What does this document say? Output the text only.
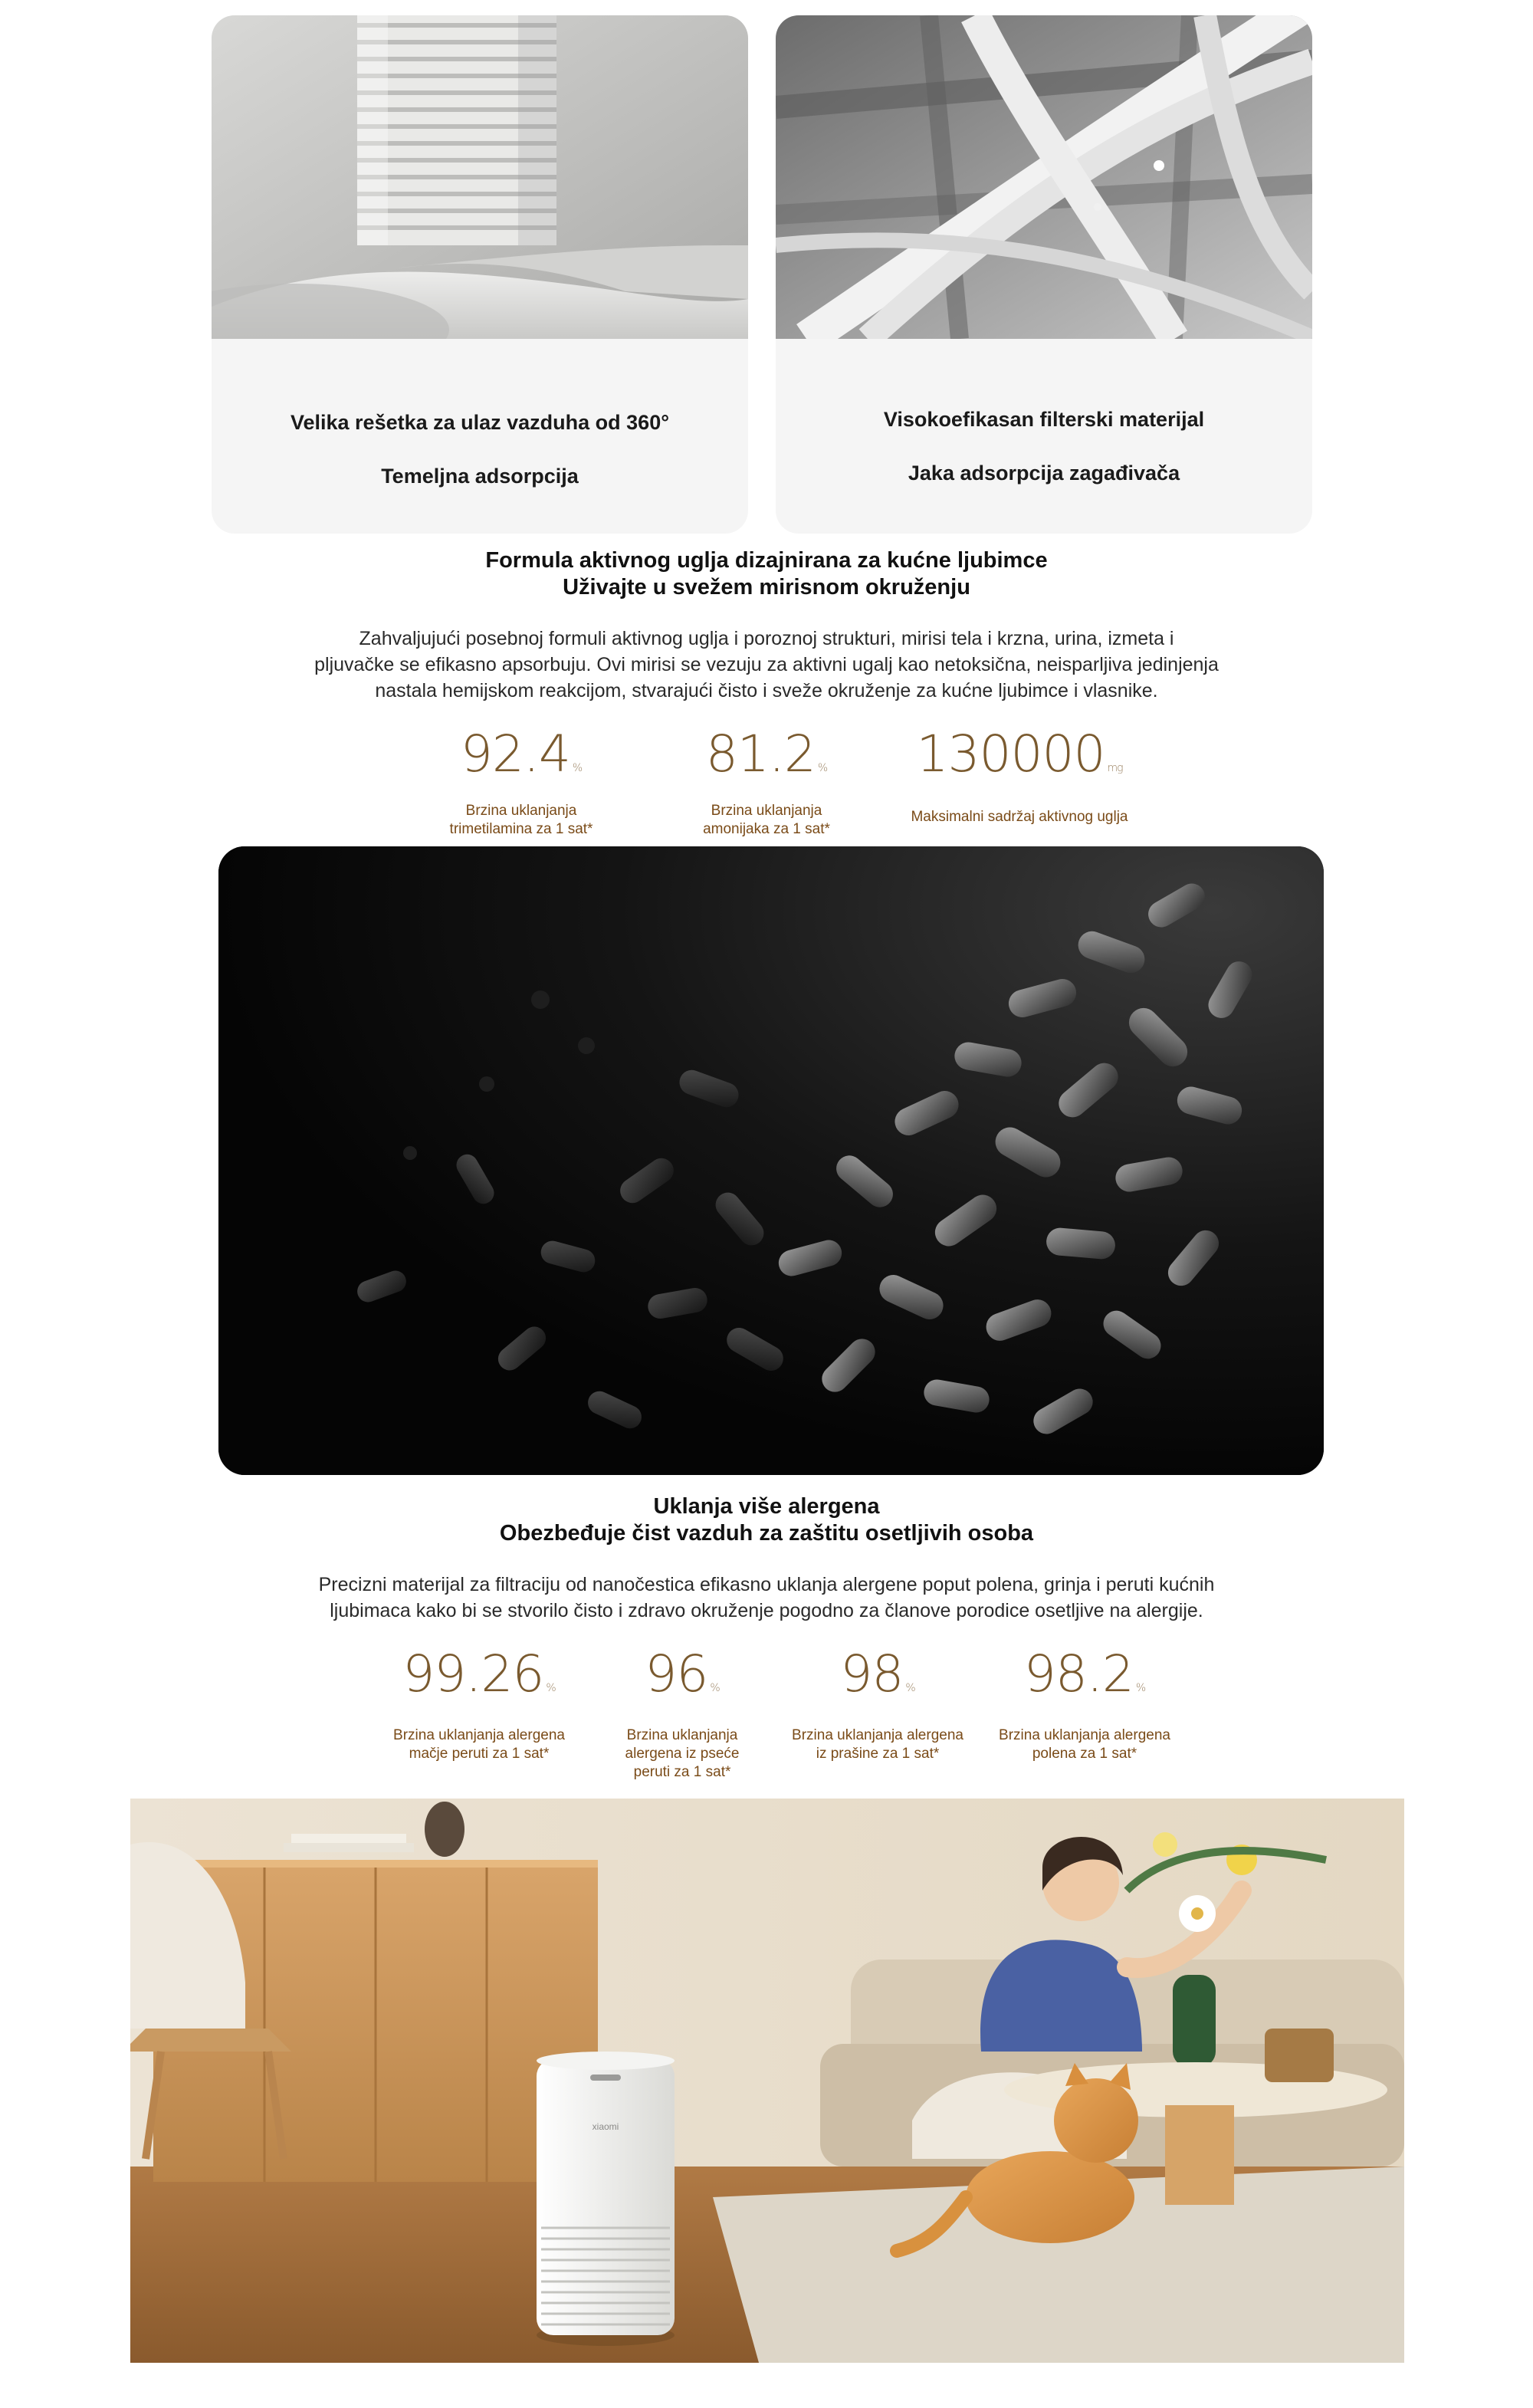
Velika rešetka za ulaz vazduha od 360°
Temeljna adsorpcija
Visokoefikasan filterski materijal
Jaka adsorpcija zagađivača
Formula aktivnog uglja dizajnirana za kućne ljubimce
Uživajte u svežem mirisnom okruženju
Zahvaljujući posebnoj formuli aktivnog uglja i poroznoj strukturi, mirisi tela i krzna, urina, izmeta i
pljuvačke se efikasno apsorbuju. Ovi mirisi se vezuju za aktivni ugalj kao netoksična, neisparljiva jedinjenja
nastala hemijskom reakcijom, stvarajući čisto i sveže okruženje za kućne ljubimce i vlasnike.
92.4 %
Brzina uklanjanja
trimetilamina za 1 sat*
81.2 %
Brzina uklanjanja
amonijaka za 1 sat*
130000 mg
Maksimalni sadržaj aktivnog uglja
Uklanja više alergena
Obezbeđuje čist vazduh za zaštitu osetljivih osoba
Precizni materijal za filtraciju od nanočestica efikasno uklanja alergene poput polena, grinja i peruti kućnih
ljubimaca kako bi se stvorilo čisto i zdravo okruženje pogodno za članove porodice osetljive na alergije.
99.26 %
Brzina uklanjanja alergena
mačje peruti za 1 sat*
96 %
Brzina uklanjanja
alergena iz pseće
peruti za 1 sat*
98 %
Brzina uklanjanja alergena
iz prašine za 1 sat*
98.2 %
Brzina uklanjanja alergena
polena za 1 sat*
xiaomi
